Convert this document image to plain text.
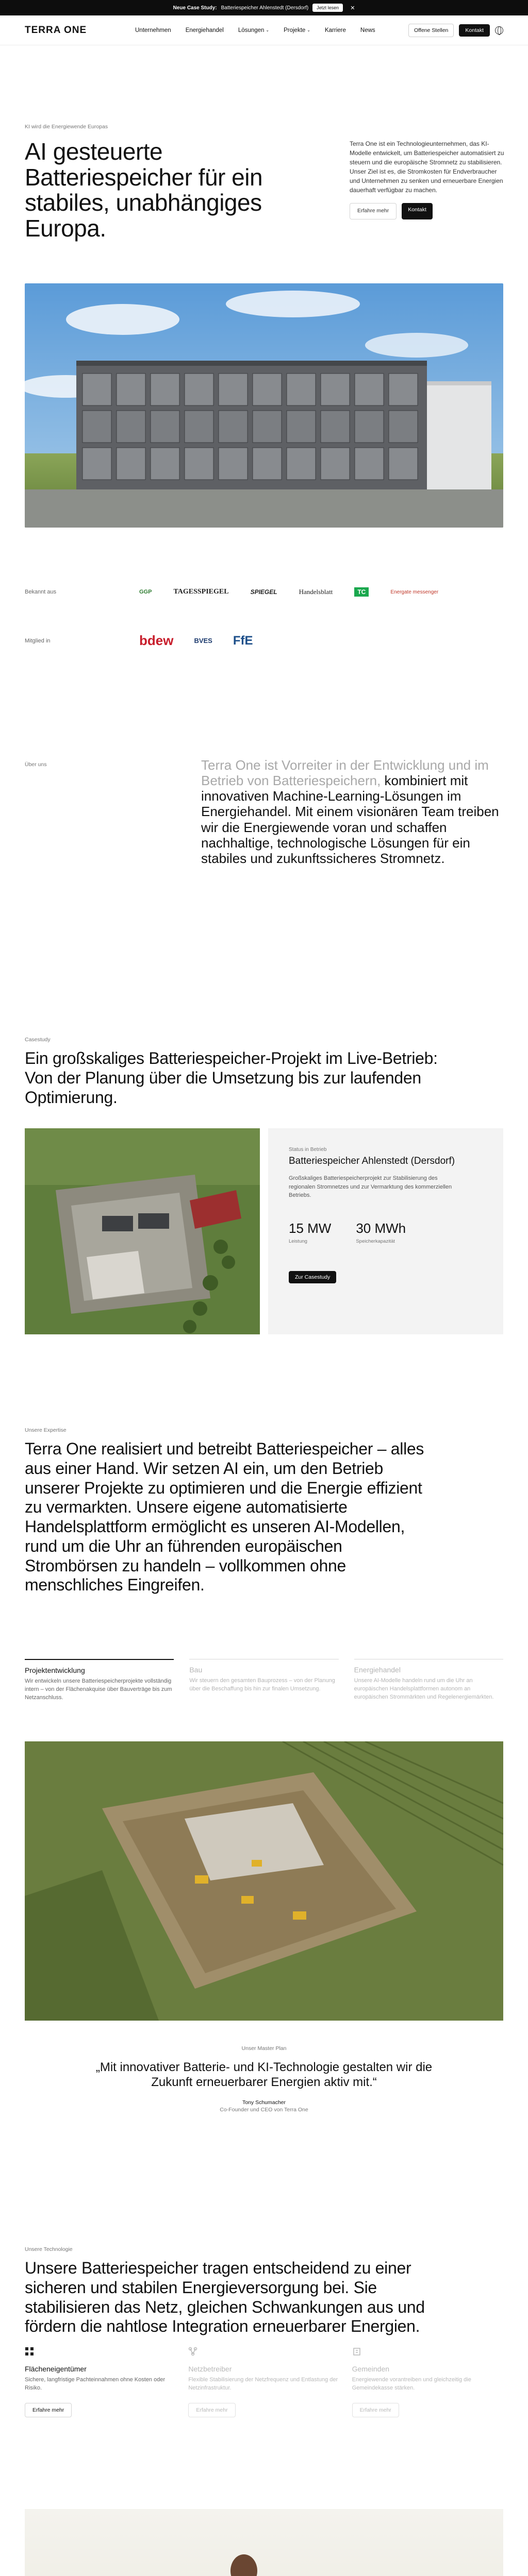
Neue Case Study: Batteriespeicher Ahlenstedt (Dersdorf)	Jetzt lesen	✕
TERRA ONE	Unternehmen Energiehandel Lösungen ⌄ Projekte ⌄ Karriere News	Offene Stellen	Kontakt
KI wird die Energiewende Europas
AI gesteuerte Batteriespeicher für ein stabiles, unabhängiges Europa.

Terra One ist ein Technologieunternehmen, das KI-Modelle entwickelt, um Batteriespeicher automatisiert zu steuern und die europäische Stromnetz zu stabilisieren. Unser Ziel ist es, die Stromkosten für Endverbraucher und Unternehmen zu senken und erneuerbare Energien dauerhaft verfügbar zu machen.

Erfahre mehr	Kontakt
Bekannt aus	GGP	TAGESSPIEGEL	SPIEGEL	Handelsblatt	TC	Energate messenger
Mitglied in	bdew	BVES FfE
Über uns	Terra One ist Vorreiter in der Entwicklung und im Betrieb von Batteriespeichern, kombiniert mit innovativen Machine-Learning-Lösungen im Energiehandel. Mit einem visionären Team treiben wir die Energiewende voran und schaffen nachhaltige, technologische Lösungen für ein stabiles und zukunftssicheres Stromnetz.
Casestudy
Ein großskaliges Batteriespeicher-Projekt im Live-Betrieb: Von der Planung über die Umsetzung bis zur laufenden Optimierung.
Status in Betrieb
Batteriespeicher Ahlenstedt (Dersdorf)
Großskaliges Batteriespeicherprojekt zur Stabilisierung des regionalen Stromnetzes und zur Vermarktung des kommerziellen Betriebs.
15 MW
Leistung
30 MWh
Speicherkapazität
Zur Casestudy
Unsere Expertise
Terra One realisiert und betreibt Batteriespeicher – alles aus einer Hand. Wir setzen AI ein, um den Betrieb unserer Projekte zu optimieren und die Energie effizient zu vermarkten. Unsere eigene automatisierte Handelsplattform ermöglicht es unseren AI-Modellen, rund um die Uhr an führenden europäischen Strombörsen zu handeln – vollkommen ohne menschliches Eingreifen.
Projektentwicklung
Wir entwickeln unsere Batteriespeicherprojekte vollständig intern – von der Flächenakquise über Bauverträge bis zum Netzanschluss.
Bau
Wir steuern den gesamten Bauprozess – von der Planung über die Beschaffung bis hin zur finalen Umsetzung.
Energiehandel
Unsere AI-Modelle handeln rund um die Uhr an europäischen Handelsplattformen autonom an europäischen Strommärkten und Regelenergiemärkten.
Unser Master Plan
„Mit innovativer Batterie- und KI-Technologie gestalten wir die Zukunft erneuerbarer Energien aktiv mit.“
Tony Schumacher
Co-Founder und CEO von Terra One
Unsere Technologie
Unsere Batteriespeicher tragen entscheidend zu einer sicheren und stabilen Energieversorgung bei. Sie stabilisieren das Netz, gleichen Schwankungen aus und fördern die nahtlose Integration erneuerbarer Energien.
Flächeneigentümer
Sichere, langfristige Pachteinnahmen ohne Kosten oder Risiko.
Erfahre mehr
Netzbetreiber
Flexible Stabilisierung der Netzfrequenz und Entlastung der Netzinfrastruktur.
Erfahre mehr
Gemeinden
Energiewende vorantreiben und gleichzeitig die Gemeindekasse stärken.
Erfahre mehr
